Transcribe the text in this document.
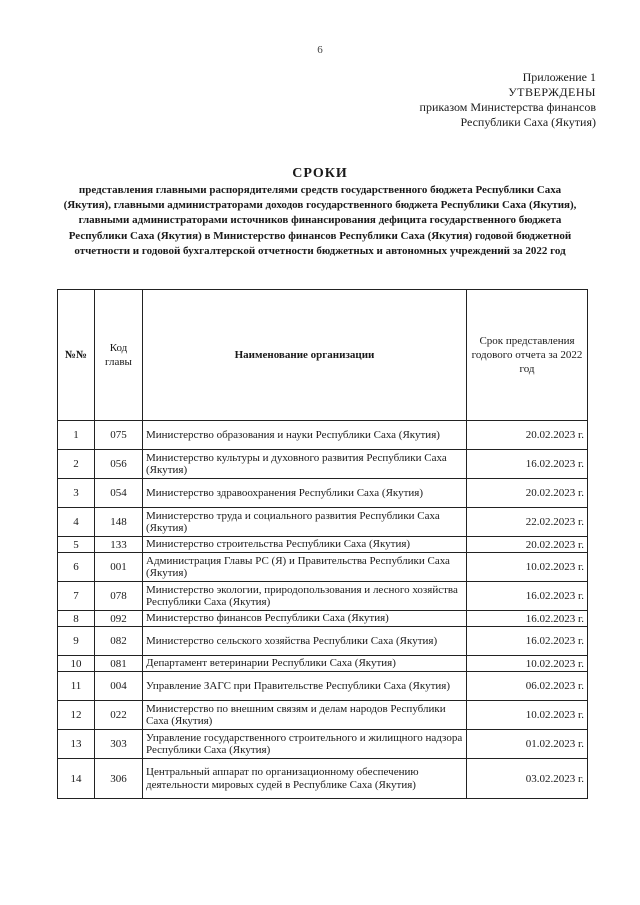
6
Приложение 1
УТВЕРЖДЕНЫ
приказом Министерства финансов
Республики Саха (Якутия)
СРОКИ
представления главными распорядителями средств государственного бюджета Республики Саха (Якутия), главными администраторами доходов государственного бюджета Республики Саха (Якутия), главными администраторами источников финансирования дефицита государственного бюджета Республики Саха (Якутия) в Министерство финансов Республики Саха (Якутия) годовой бюджетной отчетности и годовой бухгалтерской отчетности бюджетных и автономных учреждений за 2022 год
№№	Код главы	Наименование организации	Срок представления годового отчета за 2022 год
1	075	Министерство образования и науки Республики Саха (Якутия)	20.02.2023 г.
2	056	Министерство культуры и духовного развития Республики Саха (Якутия)	16.02.2023 г.
3	054	Министерство здравоохранения Республики Саха (Якутия)	20.02.2023 г.
4	148	Министерство труда и социального развития Республики Саха (Якутия)	22.02.2023 г.
5	133	Министерство строительства Республики Саха (Якутия)	20.02.2023 г.
6	001	Администрация Главы РС (Я) и Правительства Республики Саха (Якутия)	10.02.2023 г.
7	078	Министерство экологии, природопользования и лесного хозяйства Республики Саха (Якутия)	16.02.2023 г.
8	092	Министерство финансов Республики Саха (Якутия)	16.02.2023 г.
9	082	Министерство сельского хозяйства Республики Саха (Якутия)	16.02.2023 г.
10	081	Департамент ветеринарии Республики Саха (Якутия)	10.02.2023 г.
11	004	Управление ЗАГС при Правительстве Республики Саха (Якутия)	06.02.2023 г.
12	022	Министерство по внешним связям и делам народов Республики Саха (Якутия)	10.02.2023 г.
13	303	Управление государственного строительного и жилищного надзора Республики Саха (Якутия)	01.02.2023 г.
14	306	Центральный аппарат по организационному обеспечению деятельности мировых судей в Республике Саха (Якутия)	03.02.2023 г.
